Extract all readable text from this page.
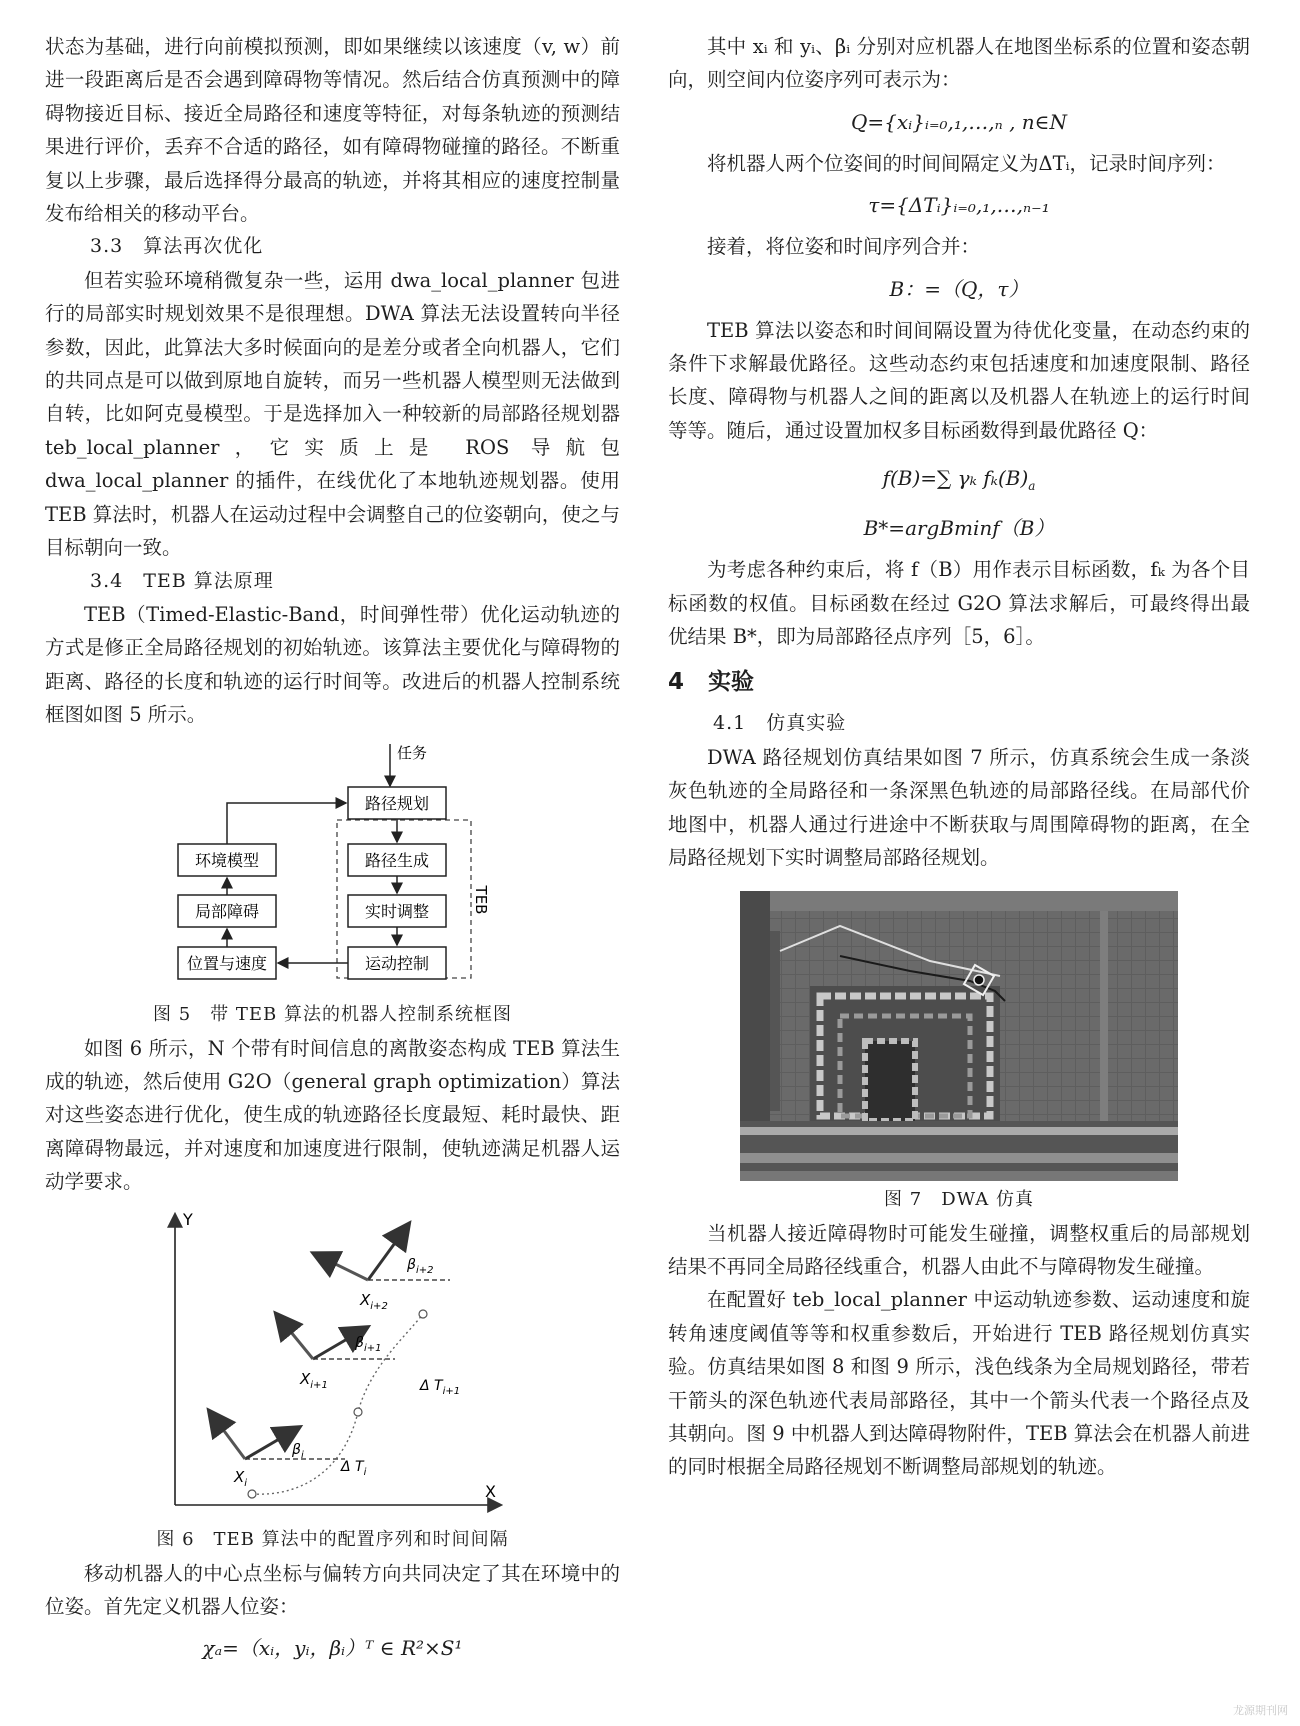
状态为基础，进行向前模拟预测，即如果继续以该速度（v, w）前进一段距离后是否会遇到障碍物等情况。然后结合仿真预测中的障碍物接近目标、接近全局路径和速度等特征，对每条轨迹的预测结果进行评价，丢弃不合适的路径，如有障碍物碰撞的路径。不断重复以上步骤，最后选择得分最高的轨迹，并将其相应的速度控制量发布给相关的移动平台。

3.3　算法再次优化

但若实验环境稍微复杂一些，运用 dwa_local_planner 包进行的局部实时规划效果不是很理想。DWA 算法无法设置转向半径参数，因此，此算法大多时候面向的是差分或者全向机器人，它们的共同点是可以做到原地自旋转，而另一些机器人模型则无法做到自转，比如阿克曼模型。于是选择加入一种较新的局部路径规划器 teb_local_planner，它实质上是 ROS 导航包 dwa_local_planner 的插件，在线优化了本地轨迹规划器。使用 TEB 算法时，机器人在运动过程中会调整自己的位姿朝向，使之与目标朝向一致。

3.4　TEB 算法原理

TEB（Timed-Elastic-Band，时间弹性带）优化运动轨迹的方式是修正全局路径规划的初始轨迹。该算法主要优化与障碍物的距离、路径的长度和轨迹的运行时间等。改进后的机器人控制系统框图如图 5 所示。

任务
路径规划
路径生成
实时调整
运动控制
TEB
环境模型
局部障碍
位置与速度

图 5　带 TEB 算法的机器人控制系统框图

如图 6 所示，N 个带有时间信息的离散姿态构成 TEB 算法生成的轨迹，然后使用 G2O（general graph optimization）算法对这些姿态进行优化，使生成的轨迹路径长度最短、耗时最快、距离障碍物最远，并对速度和加速度进行限制，使轨迹满足机器人运动学要求。

Y
X
$X_i$
$\beta_i$
$X_{i+1}$
$\beta_{i+1}$
$X_{i+2}$
$\beta_{i+2}$
Δ $T_i$
Δ $T_{i+1}$

图 6　TEB 算法中的配置序列和时间间隔

移动机器人的中心点坐标与偏转方向共同决定了其在环境中的位姿。首先定义机器人位姿：

χₐ=（xᵢ，yᵢ，βᵢ）ᵀ ∈ R²×S¹

其中 xᵢ 和 yᵢ、βᵢ 分别对应机器人在地图坐标系的位置和姿态朝向，则空间内位姿序列可表示为：

Q={xᵢ}ᵢ₌₀,₁,…,ₙ , n∈N

将机器人两个位姿间的时间间隔定义为ΔTᵢ，记录时间序列：

τ={ΔTᵢ}ᵢ₌₀,₁,…,ₙ₋₁

接着，将位姿和时间序列合并：

B：=（Q，τ）

TEB 算法以姿态和时间间隔设置为待优化变量，在动态约束的条件下求解最优路径。这些动态约束包括速度和加速度限制、路径长度、障碍物与机器人之间的距离以及机器人在轨迹上的运行时间等等。随后，通过设置加权多目标函数得到最优路径 Q：

f(B)=∑ γₖ $f_k(B)_a$

B*=argBminf（B）

为考虑各种约束后，将 f（B）用作表示目标函数，fₖ 为各个目标函数的权值。目标函数在经过 G2O 算法求解后，可最终得出最优结果 B*，即为局部路径点序列［5，6］。

4 实验

4.1　仿真实验

DWA 路径规划仿真结果如图 7 所示，仿真系统会生成一条淡灰色轨迹的全局路径和一条深黑色轨迹的局部路径线。在局部代价地图中，机器人通过行进途中不断获取与周围障碍物的距离，在全局路径规划下实时调整局部路径规划。

图 7　DWA 仿真

当机器人接近障碍物时可能发生碰撞，调整权重后的局部规划结果不再同全局路径线重合，机器人由此不与障碍物发生碰撞。

在配置好 teb_local_planner 中运动轨迹参数、运动速度和旋转角速度阈值等等和权重参数后，开始进行 TEB 路径规划仿真实验。仿真结果如图 8 和图 9 所示，浅色线条为全局规划路径，带若干箭头的深色轨迹代表局部路径，其中一个箭头代表一个路径点及其朝向。图 9 中机器人到达障碍物附件，TEB 算法会在机器人前进的同时根据全局路径规划不断调整局部规划的轨迹。

龙源期刊网
